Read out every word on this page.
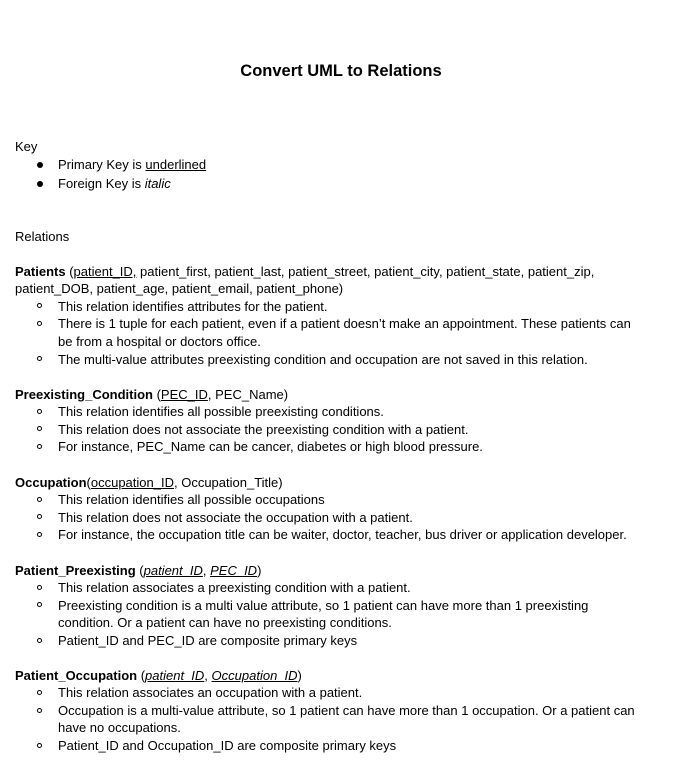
Convert UML to Relations
Key
Primary Key is underlined
Foreign Key is italic
Relations
Patients (patient_ID, patient_first, patient_last, patient_street, patient_city, patient_state, patient_zip,
patient_DOB, patient_age, patient_email, patient_phone)
This relation identifies attributes for the patient.
There is 1 tuple for each patient, even if a patient doesn’t make an appointment. These patients can
be from a hospital or doctors office.
The multi-value attributes preexisting condition and occupation are not saved in this relation.
Preexisting_Condition (PEC_ID, PEC_Name)
This relation identifies all possible preexisting conditions.
This relation does not associate the preexisting condition with a patient.
For instance, PEC_Name can be cancer, diabetes or high blood pressure.
Occupation(occupation_ID, Occupation_Title)
This relation identifies all possible occupations
This relation does not associate the occupation with a patient.
For instance, the occupation title can be waiter, doctor, teacher, bus driver or application developer.
Patient_Preexisting (patient_ID, PEC_ID)
This relation associates a preexisting condition with a patient.
Preexisting condition is a multi value attribute, so 1 patient can have more than 1 preexisting
condition. Or a patient can have no preexisting conditions.
Patient_ID and PEC_ID are composite primary keys
Patient_Occupation (patient_ID, Occupation_ID)
This relation associates an occupation with a patient.
Occupation is a multi-value attribute, so 1 patient can have more than 1 occupation. Or a patient can
have no occupations.
Patient_ID and Occupation_ID are composite primary keys
